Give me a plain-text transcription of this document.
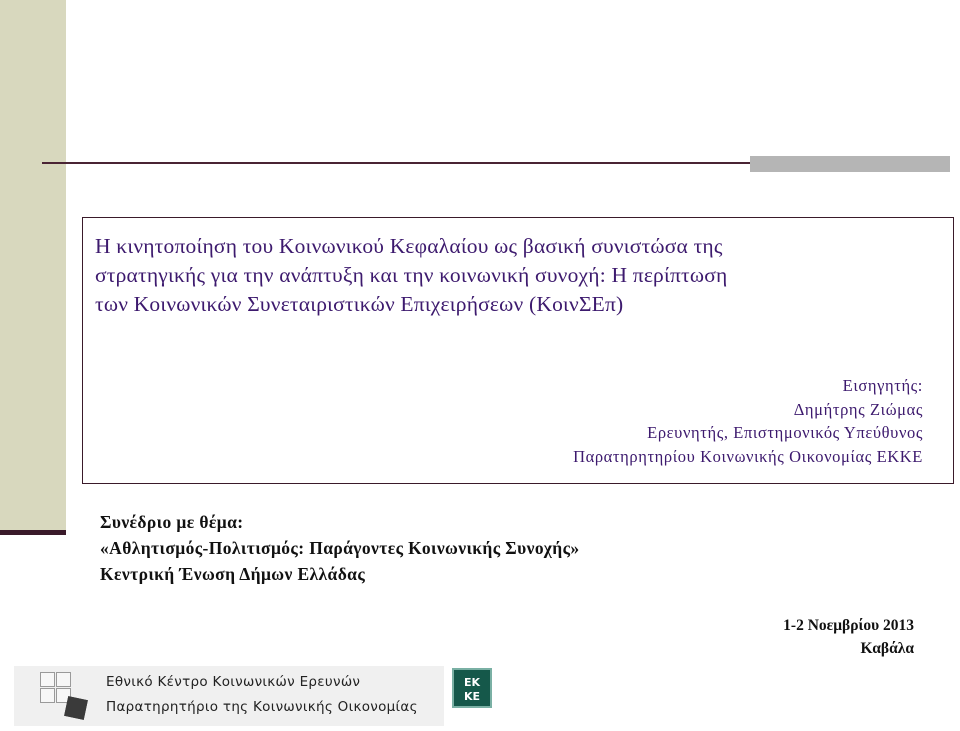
Η κινητοποίηση του Κοινωνικού Κεφαλαίου ως βασική συνιστώσα της
στρατηγικής για την ανάπτυξη και την κοινωνική συνοχή: Η περίπτωση
των Κοινωνικών Συνεταιριστικών Επιχειρήσεων (ΚοινΣΕπ)
Εισηγητής:
Δημήτρης Ζιώμας
Ερευνητής, Επιστημονικός Υπεύθυνος
Παρατηρητηρίου Κοινωνικής Οικονομίας ΕΚΚΕ
Συνέδριο με θέμα:
«Αθλητισμός-Πολιτισμός: Παράγοντες Κοινωνικής Συνοχής»
Κεντρική Ένωση Δήμων Ελλάδας
1-2 Νοεμβρίου 2013
Καβάλα
Εθνικό Κέντρο Κοινωνικών Ερευνών
Παρατηρητήριο της Κοινωνικής Οικονομίας
ΕΚ
ΚΕ
